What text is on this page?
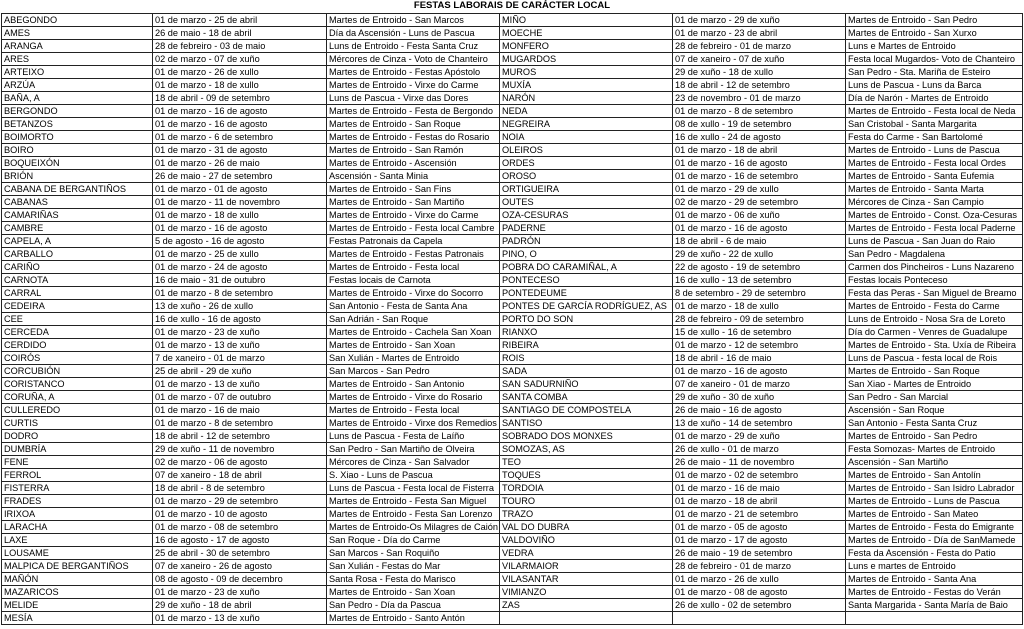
FESTAS LABORAIS DE CARÁCTER LOCAL
ABEGONDO	01 de marzo - 25 de abril	Martes de Entroido - San Marcos	MIÑO	01 de marzo - 29 de xuño	Martes de Entroido - San Pedro
AMES	26 de maio - 18 de abril	Día da Ascensión - Luns de Pascua	MOECHE	01 de marzo - 23 de abril	Martes de Entroido - San Xurxo
ARANGA	28 de febreiro - 03 de maio	Luns de Entroido - Festa Santa Cruz	MONFERO	28 de febreiro - 01 de marzo	Luns e Martes de Entroido
ARES	02 de marzo - 07 de xuño	Mércores de Cinza - Voto de Chanteiro	MUGARDOS	07 de xaneiro - 07 de xuño	Festa local Mugardos- Voto de Chanteiro
ARTEIXO	01 de marzo - 26 de xullo	Martes de Entroido - Festas Apóstolo	MUROS	29 de xuño - 18 de xullo	San Pedro - Sta. Mariña de Esteiro
ARZÚA	01 de marzo - 18 de xullo	Martes de Entroido - Virxe do Carme	MUXÍA	18 de abril - 12 de setembro	Luns de Pascua - Luns da Barca
BAÑA, A	18 de abril - 09 de setembro	Luns de Pascua - Virxe das Dores	NARÓN	23 de novembro - 01 de marzo	Día de Narón - Martes de Entroido
BERGONDO	01 de marzo - 16 de agosto	Martes de Entroido - Festa de Bergondo	NEDA	01 de marzo - 8 de setembro	Martes de Entroido - Festa local de Neda
BETANZOS	01 de marzo - 16 de agosto	Martes de Entroido - San Roque	NEGREIRA	08 de xullo - 19 de setembro	San Cristobal - Santa Margarita
BOIMORTO	01 de marzo - 6 de setembro	Martes de Entroido - Festas do Rosario	NOIA	16 de xullo - 24 de agosto	Festa do Carme - San Bartolomé
BOIRO	01 de marzo - 31 de agosto	Martes de Entroido - San Ramón	OLEIROS	01 de marzo - 18 de abril	Martes de Entroido - Luns de Pascua
BOQUEIXÓN	01 de marzo - 26 de maio	Martes de Entroido - Ascensión	ORDES	01 de marzo - 16 de agosto	Martes de Entroido - Festa local Ordes
BRIÓN	26 de maio - 27 de setembro	Ascensión - Santa Minia	OROSO	01 de marzo - 16 de setembro	Martes de Entroido - Santa Eufemia
CABANA DE BERGANTIÑOS	01 de marzo - 01 de agosto	Martes de Entroido - San Fins	ORTIGUEIRA	01 de marzo - 29 de xullo	Martes de Entroido - Santa Marta
CABANAS	01 de marzo - 11 de novembro	Martes de Entroido - San Martiño	OUTES	02 de marzo - 29 de setembro	Mércores de Cinza - San Campio
CAMARIÑAS	01 de marzo - 18 de xullo	Martes de Entroido - Virxe do Carme	OZA-CESURAS	01 de marzo - 06 de xuño	Martes de Entroido - Const. Oza-Cesuras
CAMBRE	01 de marzo - 16 de agosto	Martes de Entroido - Festa local Cambre	PADERNE	01 de marzo - 16 de agosto	Martes de Entroido - Festa local Paderne
CAPELA, A	5 de agosto - 16 de agosto	Festas Patronais da Capela	PADRÓN	18 de abril - 6 de maio	Luns de Pascua - San Juan do Raio
CARBALLO	01 de marzo - 25 de xullo	Martes de Entroido - Festas Patronais	PINO, O	29 de xuño - 22 de xullo	San Pedro - Magdalena
CARIÑO	01 de marzo - 24 de agosto	Martes de Entroido - Festa local	POBRA DO CARAMIÑAL, A	22 de agosto - 19 de setembro	Carmen dos Pincheiros - Luns Nazareno
CARNOTA	16 de maio - 31 de outubro	Festas locais de Carnota	PONTECESO	16 de xullo - 13 de setembro	Festas locais Ponteceso
CARRAL	01 de marzo - 8 de setembro	Martes de Entroido - Virxe do Socorro	PONTEDEUME	8 de setembro - 29 de setembro	Festa das Peras - San Miguel de Breamo
CEDEIRA	13 de xuño - 26 de xullo	San Antonio - Festa de Santa Ana	PONTES DE GARCÍA RODRÍGUEZ, AS	01 de marzo - 18 de xullo	Martes de Entroido - Festa do Carme
CEE	16 de xullo - 16 de agosto	San Adrián - San Roque	PORTO DO SON	28 de febreiro - 09 de setembro	Luns de Entroido - Nosa Sra de Loreto
CERCEDA	01 de marzo - 23 de xuño	Martes de Entroido - Cachela San Xoan	RIANXO	15 de xullo - 16 de setembro	Día do Carmen - Venres de Guadalupe
CERDIDO	01 de marzo - 13 de xuño	Martes de Entroido - San Xoan	RIBEIRA	01 de marzo - 12 de setembro	Martes de Entroido - Sta. Uxía de Ribeira
COIRÓS	7 de xaneiro - 01 de marzo	San Xulián - Martes de Entroido	ROIS	18 de abril - 16 de maio	Luns de Pascua - festa local de Rois
CORCUBIÓN	25 de abril - 29 de xuño	San Marcos - San Pedro	SADA	01 de marzo - 16 de agosto	Martes de Entroido - San Roque
CORISTANCO	01 de marzo - 13 de xuño	Martes de Entroido - San Antonio	SAN SADURNIÑO	07 de xaneiro - 01 de marzo	San Xiao - Martes de Entroido
CORUÑA, A	01 de marzo - 07 de outubro	Martes de Entroido - Virxe do Rosario	SANTA COMBA	29 de xuño - 30 de xuño	San Pedro - San Marcial
CULLEREDO	01 de marzo - 16 de maio	Martes de Entroido - Festa local	SANTIAGO DE COMPOSTELA	26 de maio - 16 de agosto	Ascensión - San Roque
CURTIS	01 de marzo - 8 de setembro	Martes de Entroido - Virxe dos Remedios	SANTISO	13 de xuño - 14 de setembro	San Antonio - Festa Santa Cruz
DODRO	18 de abril - 12 de setembro	Luns de Pascua - Festa de Laíño	SOBRADO DOS MONXES	01 de marzo - 29 de xuño	Martes de Entroido - San Pedro
DUMBRÍA	29 de xuño - 11 de novembro	San Pedro - San Martiño de Olveira	SOMOZAS, AS	26 de xullo - 01 de marzo	Festa Somozas- Martes de Entroido
FENE	02 de marzo - 06 de agosto	Mércores de Cinza - San Salvador	TEO	26 de maio - 11 de novembro	Ascensión - San Martiño
FERROL	07 de xaneiro - 18 de abril	S. Xiao - Luns de Pascua	TOQUES	01 de marzo - 02 de setembro	Martes de Entroido - San Antolín
FISTERRA	18 de abril - 8 de setembro	Luns de Pascua - Festa local de Fisterra	TORDOIA	01 de marzo - 16 de maio	Martes de Entroido - San Isidro Labrador
FRADES	01 de marzo - 29 de setembro	Martes de Entroido - Festa San Miguel	TOURO	01 de marzo - 18 de abril	Martes de Entroido - Luns de Pascua
IRIXOA	01 de marzo - 10 de agosto	Martes de Entroido - Festa San Lorenzo	TRAZO	01 de marzo - 21 de setembro	Martes de Entroido - San Mateo
LARACHA	01 de marzo - 08 de setembro	Martes de Entroido-Os Milagres de Caión	VAL DO DUBRA	01 de marzo - 05 de agosto	Martes de Entroido - Festa do Emigrante
LAXE	16 de agosto - 17 de agosto	San Roque - Día do Carme	VALDOVIÑO	01 de marzo - 17 de agosto	Martes de Entroido - Día de SanMamede
LOUSAME	25 de abril - 30 de setembro	San Marcos - San Roquiño	VEDRA	26 de maio - 19 de setembro	Festa da Ascensión - Festa do Patio
MALPICA DE BERGANTIÑOS	07 de xaneiro - 26 de agosto	San Xulián - Festas do Mar	VILARMAIOR	28 de febreiro - 01 de marzo	Luns e martes de Entroido
MAÑÓN	08 de agosto - 09 de decembro	Santa Rosa - Festa do Marisco	VILASANTAR	01 de marzo - 26 de xullo	Martes de Entroido - Santa Ana
MAZARICOS	01 de marzo - 23 de xuño	Martes de Entroido - San Xoan	VIMIANZO	01 de marzo - 08 de agosto	Martes de Entroido - Festas do Verán
MELIDE	29 de xuño - 18 de abril	San Pedro - Día da Pascua	ZAS	26 de xullo - 02 de setembro	Santa Margarida - Santa María de Baio
MESÍA	01 de marzo - 13 de xuño	Martes de Entroido - Santo Antón			
